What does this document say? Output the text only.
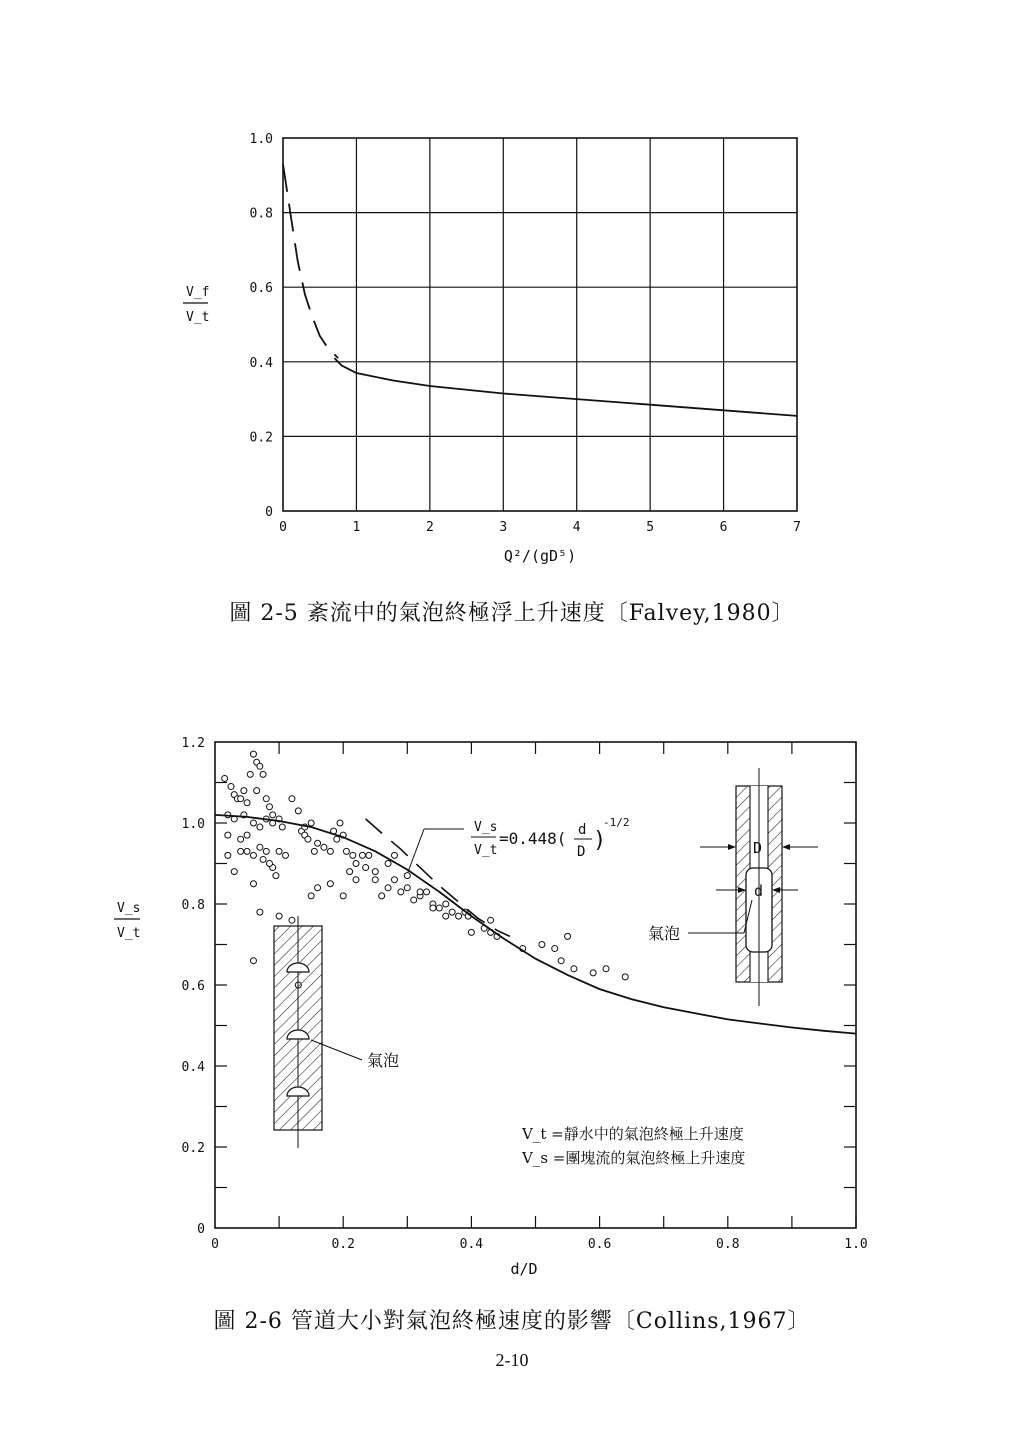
0	1	2	3	4	5	6	7
0
0.2
0.4
0.6
0.8
1.0
V_f
V_t
Q²/(gD⁵)
圖 2-5 紊流中的氣泡終極浮上升速度〔Falvey,1980〕
0	0.2	0.4	0.6	0.8	1.0
0
0.2
0.4
0.6
0.8
1.0
1.2
V_s
V_t
d/D
V_s
V_t
=0.448( d
D )
-1/2
氣泡
D
d
氣泡
V_t =靜水中的氣泡終極上升速度
V_s =團塊流的氣泡終極上升速度
圖 2-6 管道大小對氣泡終極速度的影響〔Collins,1967〕
2-10
